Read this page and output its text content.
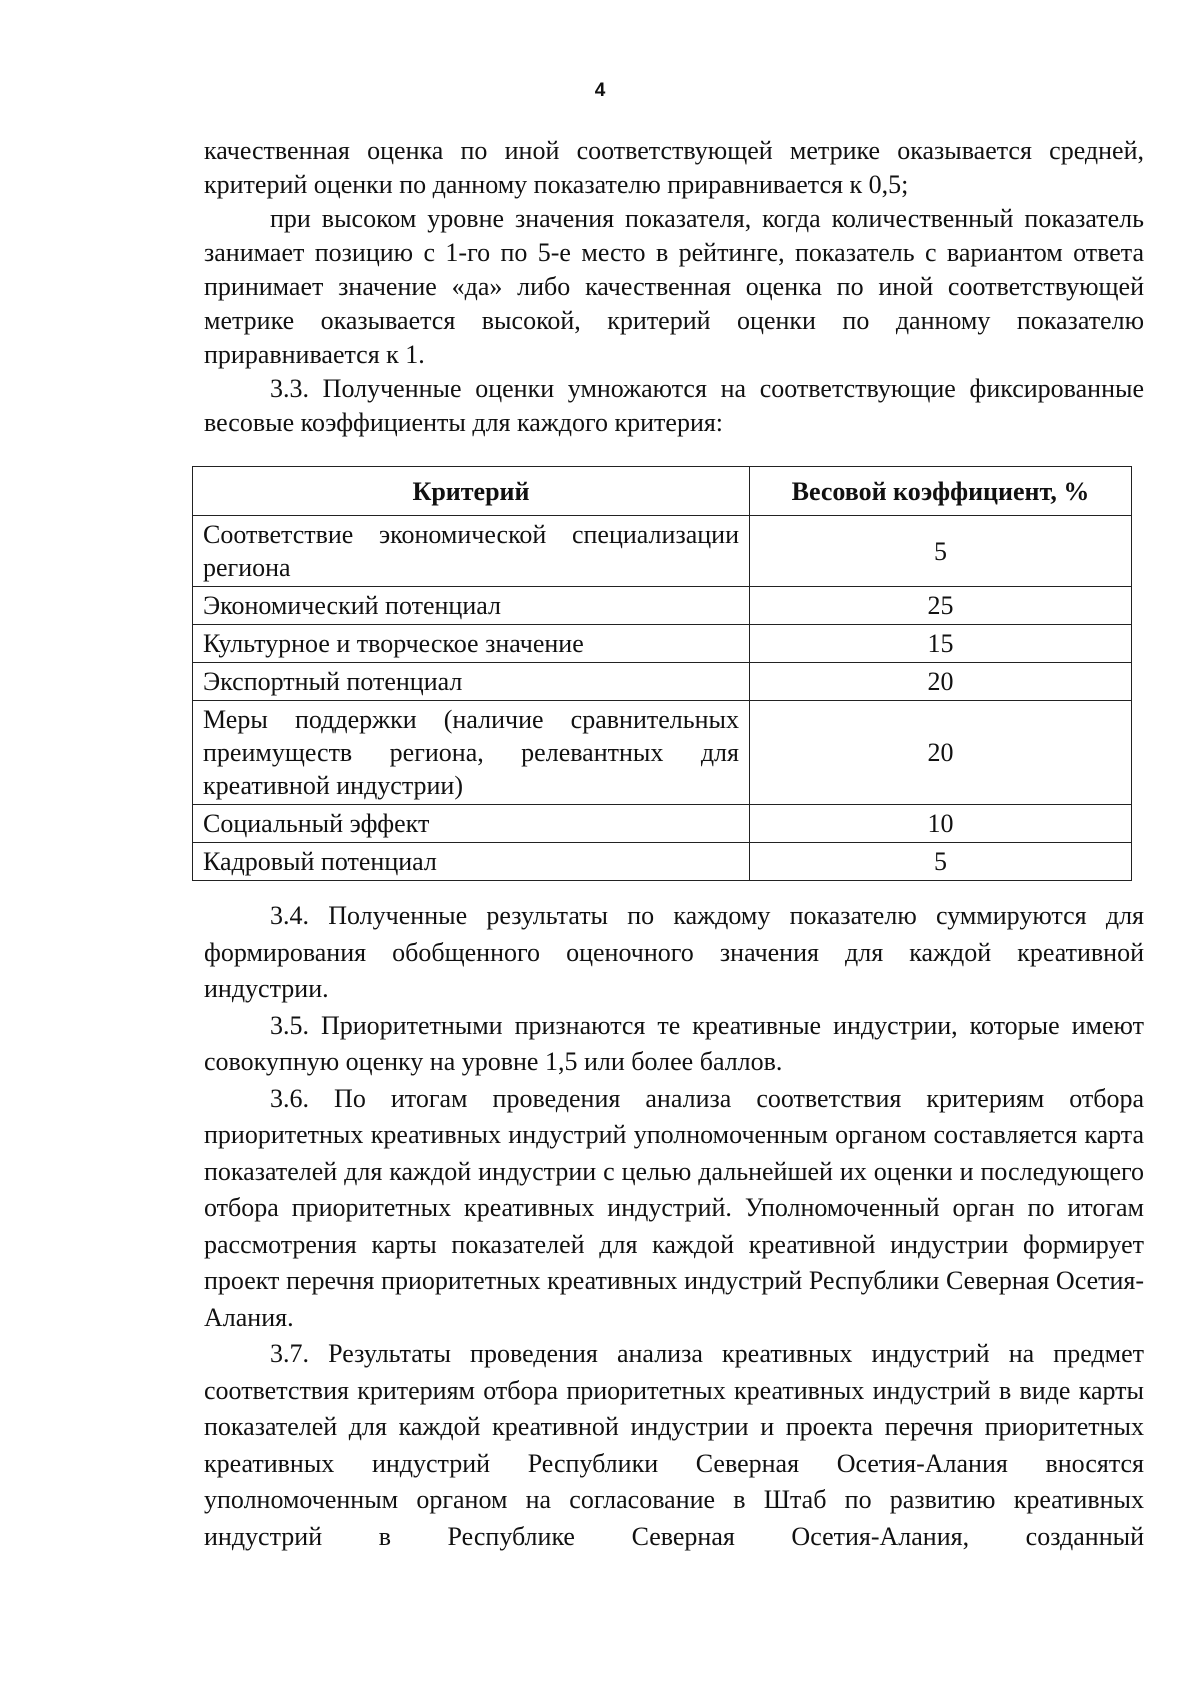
4

качественная оценка по иной соответствующей метрике оказывается средней, критерий оценки по данному показателю приравнивается к 0,5;

при высоком уровне значения показателя, когда количественный показатель занимает позицию с 1-го по 5-е место в рейтинге, показатель с вариантом ответа принимает значение «да» либо качественная оценка по иной соответствующей метрике оказывается высокой, критерий оценки по данному показателю приравнивается к 1.

3.3. Полученные оценки умножаются на соответствующие фиксированные весовые коэффициенты для каждого критерия:

Критерий	Весовой коэффициент, %
Соответствие экономической специализации региона	5
Экономический потенциал	25
Культурное и творческое значение	15
Экспортный потенциал	20
Меры поддержки (наличие сравнительных преимуществ региона, релевантных для креативной индустрии)	20
Социальный эффект	10
Кадровый потенциал	5

3.4. Полученные результаты по каждому показателю суммируются для формирования обобщенного оценочного значения для каждой креативной индустрии.

3.5. Приоритетными признаются те креативные индустрии, которые имеют совокупную оценку на уровне 1,5 или более баллов.

3.6. По итогам проведения анализа соответствия критериям отбора приоритетных креативных индустрий уполномоченным органом составляется карта показателей для каждой индустрии с целью дальнейшей их оценки и последующего отбора приоритетных креативных индустрий. Уполномоченный орган по итогам рассмотрения карты показателей для каждой креативной индустрии формирует проект перечня приоритетных креативных индустрий Республики Северная Осетия-Алания.

3.7. Результаты проведения анализа креативных индустрий на предмет соответствия критериям отбора приоритетных креативных индустрий в виде карты показателей для каждой креативной индустрии и проекта перечня приоритетных креативных индустрий Республики Северная Осетия-Алания вносятся уполномоченным органом на согласование в Штаб по развитию креативных индустрий в Республике Северная Осетия-Алания, созданный
